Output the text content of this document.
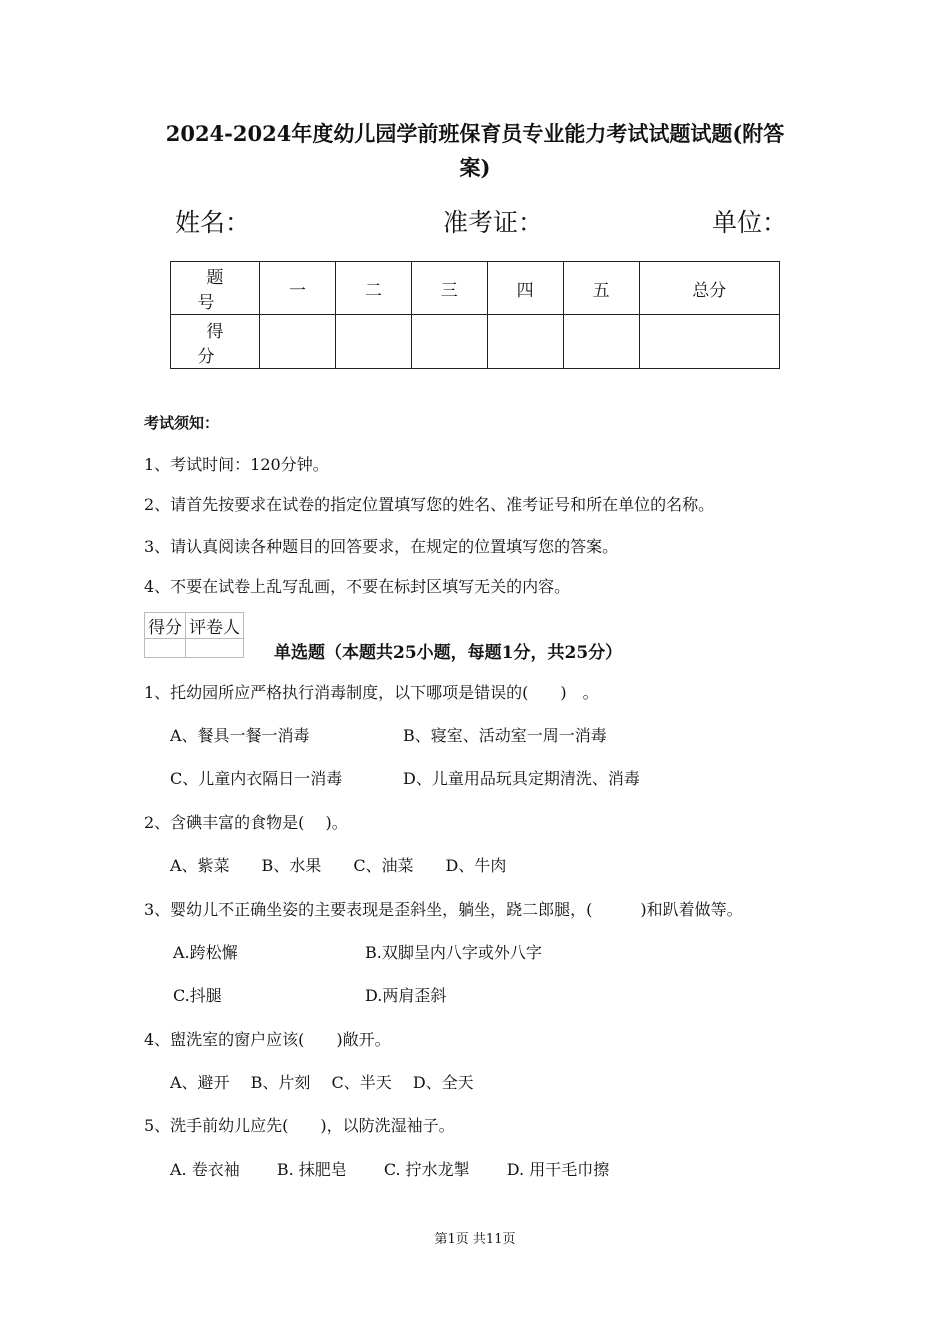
2024-2024年度幼儿园学前班保育员专业能力考试试题试题(附答
案)
姓名：	准考证：	单位：
题号	一	二	三	四	五	总分
得分						
考试须知：
1、考试时间：120分钟。
2、请首先按要求在试卷的指定位置填写您的姓名、准考证号和所在单位的名称。
3、请认真阅读各种题目的回答要求，在规定的位置填写您的答案。
4、不要在试卷上乱写乱画，不要在标封区填写无关的内容。
得分	评卷人

单选题（本题共25小题，每题1分，共25分）
1、托幼园所应严格执行消毒制度，以下哪项是错误的(　　)　。
A、餐具一餐一消毒	B、寝室、活动室一周一消毒
C、儿童内衣隔日一消毒	D、儿童用品玩具定期清洗、消毒
2、含碘丰富的食物是(　 )。
A、紫菜　　B、水果　　C、油菜　　D、牛肉
3、婴幼儿不正确坐姿的主要表现是歪斜坐，躺坐，跷二郎腿，(　　　)和趴着做等。
A.跨松懈	B.双脚呈内八字或外八字
C.抖腿	D.两肩歪斜
4、盥洗室的窗户应该(　　)敞开。
A、避开　 B、片刻　 C、半天　 D、全天
5、洗手前幼儿应先(　　)，以防洗湿袖子。
A. 卷衣袖　　 B. 抹肥皂　　 C. 拧水龙掣　　 D. 用干毛巾擦
第1页 共11页
